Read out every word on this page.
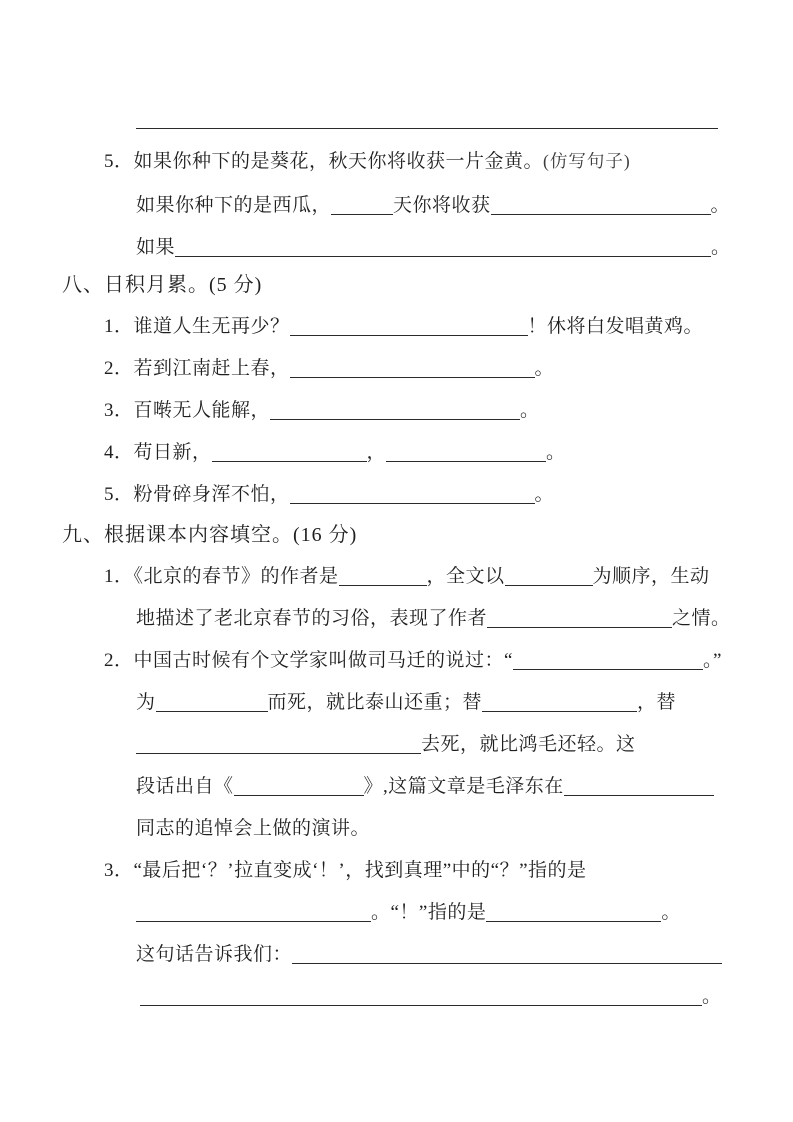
5．如果你种下的是葵花，秋天你将收获一片金黄。(仿写句子)
如果你种下的是西瓜，	天你将收获	。
如果	。
八、日积月累。(5 分)
1．谁道人生无再少？	！休将白发唱黄鸡。
2．若到江南赶上春，	。
3．百啭无人能解，	。
4．苟日新，	，	。
5．粉骨碎身浑不怕，	。
九、根据课本内容填空。(16 分)
1．《北京的春节》的作者是	，全文以	为顺序，生动
地描述了老北京春节的习俗，表现了作者	之情。
2．中国古时候有个文学家叫做司马迁的说过：“	。”
为	而死，就比泰山还重；替	，替
去死，就比鸿毛还轻。这
段话出自《	》,这篇文章是毛泽东在
同志的追悼会上做的演讲。
3．“最后把‘？’拉直变成‘！’，找到真理”中的“？”指的是
。“！”指的是	。
这句话告诉我们：
。
